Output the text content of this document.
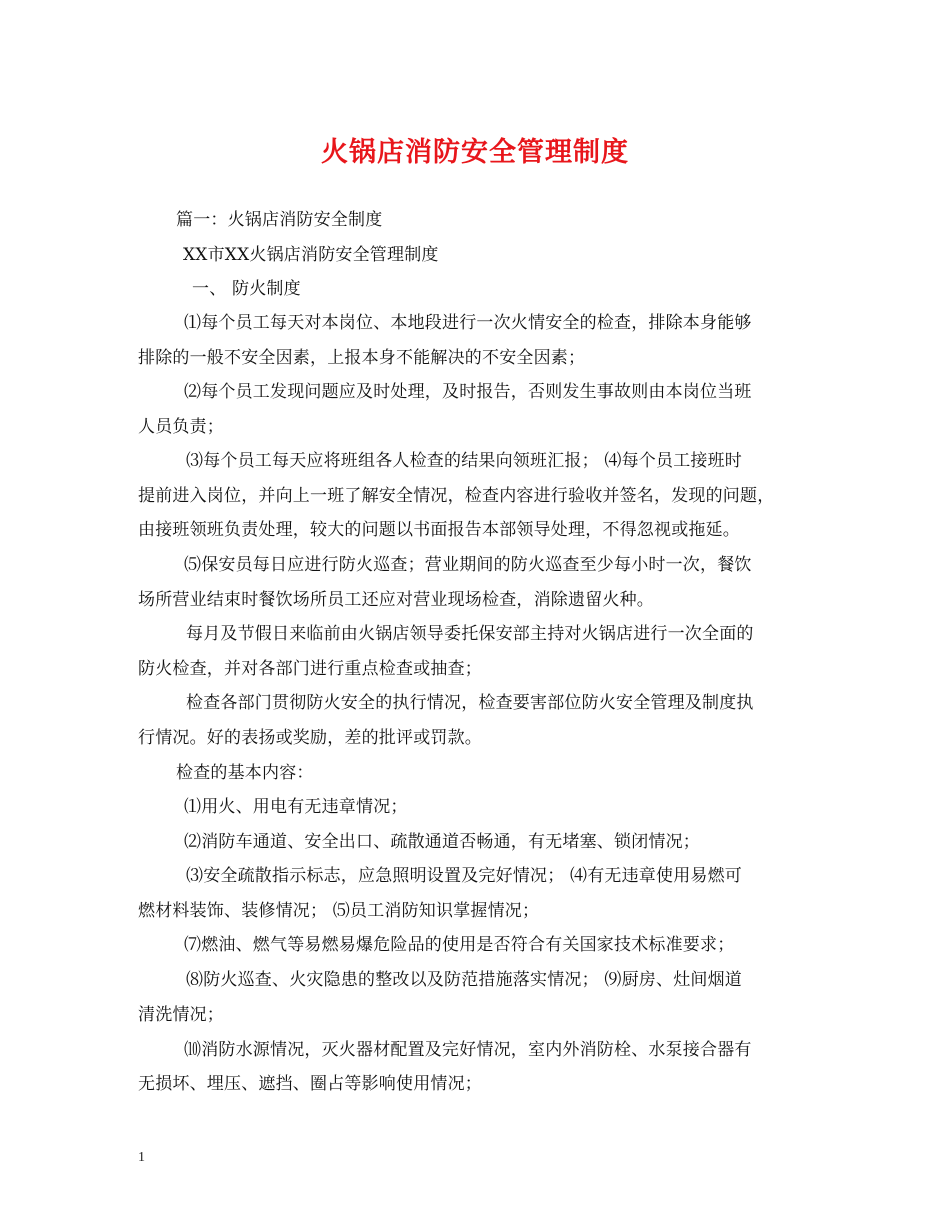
火锅店消防安全管理制度
篇一：火锅店消防安全制度
XX市XX火锅店消防安全管理制度
一、 防火制度
⑴每个员工每天对本岗位、本地段进行一次火情安全的检查，排除本身能够
排除的一般不安全因素，上报本身不能解决的不安全因素；
⑵每个员工发现问题应及时处理，及时报告，否则发生事故则由本岗位当班
人员负责；
⑶每个员工每天应将班组各人检查的结果向领班汇报； ⑷每个员工接班时
提前进入岗位，并向上一班了解安全情况，检查内容进行验收并签名，发现的问题，
由接班领班负责处理，较大的问题以书面报告本部领导处理，不得忽视或拖延。
⑸保安员每日应进行防火巡查；营业期间的防火巡查至少每小时一次，餐饮
场所营业结束时餐饮场所员工还应对营业现场检查，消除遗留火种。
每月及节假日来临前由火锅店领导委托保安部主持对火锅店进行一次全面的
防火检查，并对各部门进行重点检查或抽查；
检查各部门贯彻防火安全的执行情况，检查要害部位防火安全管理及制度执
行情况。好的表扬或奖励，差的批评或罚款。
检查的基本内容：
⑴用火、用电有无违章情况；
⑵消防车通道、安全出口、疏散通道否畅通，有无堵塞、锁闭情况；
⑶安全疏散指示标志，应急照明设置及完好情况； ⑷有无违章使用易燃可
燃材料装饰、装修情况； ⑸员工消防知识掌握情况；
⑺燃油、燃气等易燃易爆危险品的使用是否符合有关国家技术标准要求；
⑻防火巡查、火灾隐患的整改以及防范措施落实情况； ⑼厨房、灶间烟道
清洗情况；
⑽消防水源情况，灭火器材配置及完好情况，室内外消防栓、水泵接合器有
无损坏、埋压、遮挡、圈占等影响使用情况；
1
